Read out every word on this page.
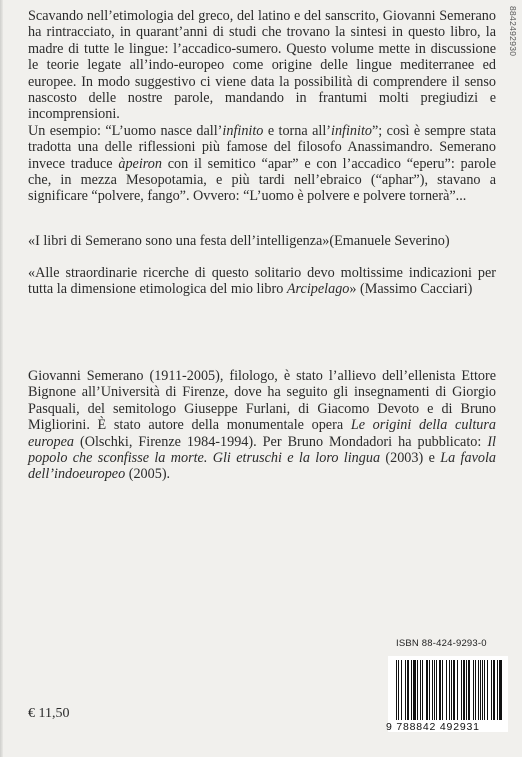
8842492930

Scavando nell’etimologia del greco, del latino e del sanscrito, Giovanni Semerano ha rintracciato, in quarant’anni di studi che trovano la sintesi in questo libro, la madre di tutte le lingue: l’accadico-sumero. Questo volume mette in discussione le teorie legate all’indo-europeo come origine delle lingue mediterranee ed europee. In modo suggestivo ci viene data la possibilità di comprendere il senso nascosto delle nostre parole, mandando in frantumi molti pregiudizi e incomprensioni.

Un esempio: “L’uomo nasce dall’infinito e torna all’infinito”; così è sempre stata tradotta una delle riflessioni più famose del filosofo Anassimandro. Semerano invece traduce àpeiron con il semitico “apar” e con l’accadico “eperu”: parole che, in mezza Mesopotamia, e più tardi nell’ebraico (“aphar”), stavano a significare “polvere, fango”. Ovvero: “L’uomo è polvere e polvere tornerà”...

«I libri di Semerano sono una festa dell’intelligenza»(Emanuele Severino)

«Alle straordinarie ricerche di questo solitario devo moltissime indicazioni per tutta la dimensione etimologica del mio libro Arcipelago» (Massimo Cacciari)

Giovanni Semerano (1911-2005), filologo, è stato l’allievo dell’ellenista Ettore Bignone all’Università di Firenze, dove ha seguito gli insegnamenti di Giorgio Pasquali, del semitologo Giuseppe Furlani, di Giacomo Devoto e di Bruno Migliorini. È stato autore della monumentale opera Le origini della cultura europea (Olschki, Firenze 1984-1994). Per Bruno Mondadori ha pubblicato: Il popolo che sconfisse la morte. Gli etruschi e la loro lingua (2003) e La favola dell’indoeuropeo (2005).

ISBN 88-424-9293-0
9 788842 492931
€ 11,50
